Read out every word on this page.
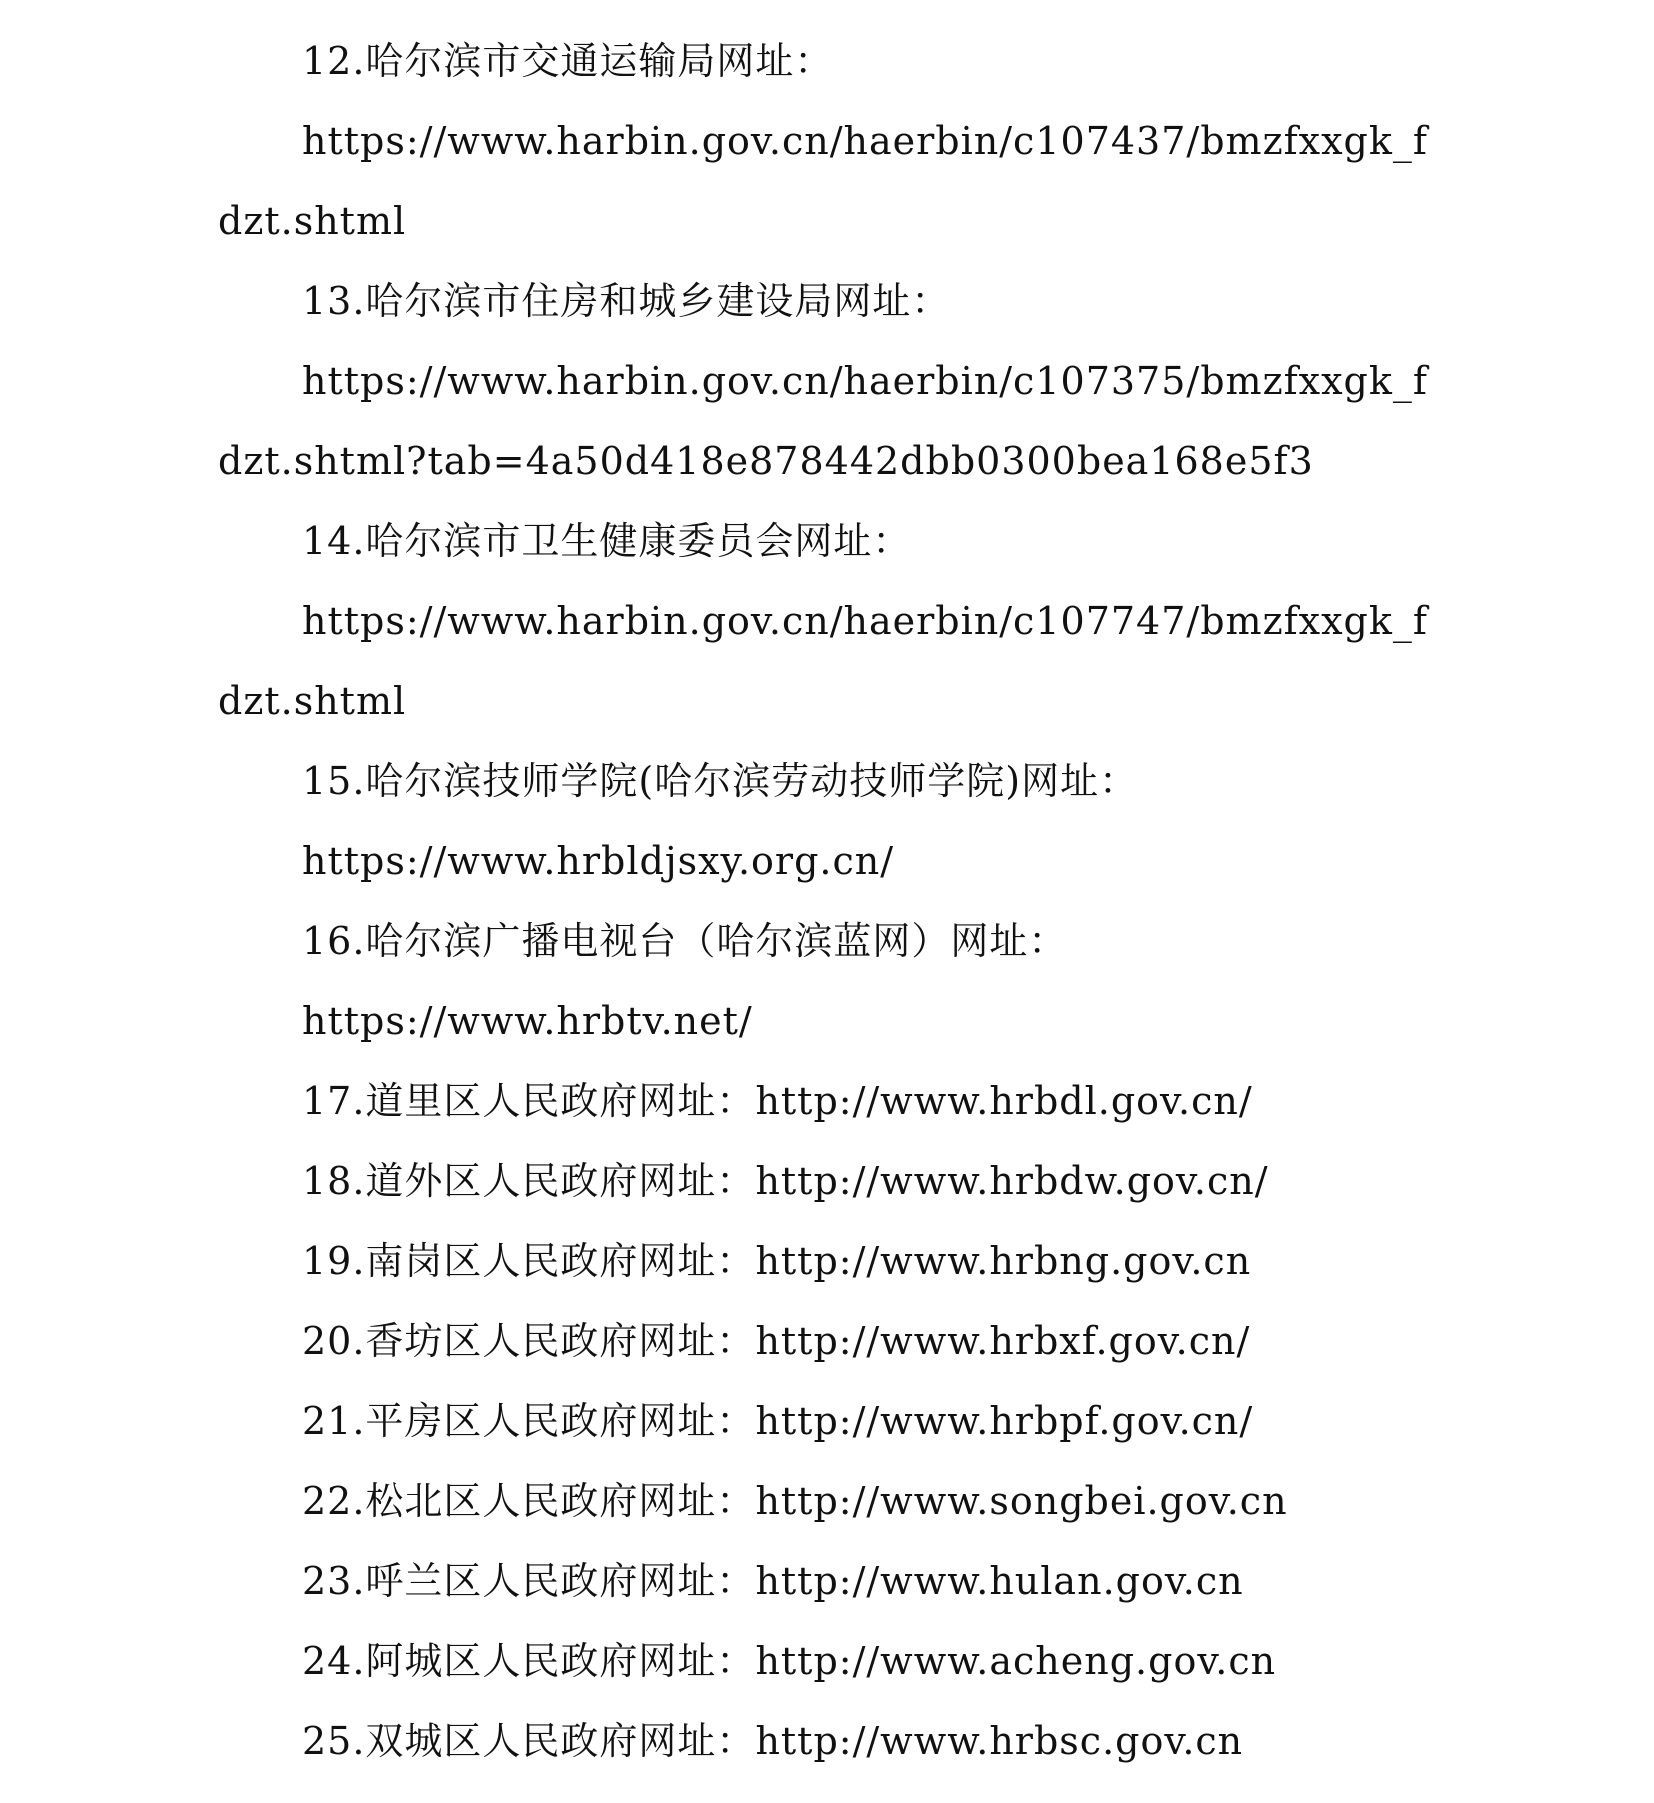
12.哈尔滨市交通运输局网址：
https://www.harbin.gov.cn/haerbin/c107437/bmzfxxgk_f
dzt.shtml
13.哈尔滨市住房和城乡建设局网址：
https://www.harbin.gov.cn/haerbin/c107375/bmzfxxgk_f
dzt.shtml?tab=4a50d418e878442dbb0300bea168e5f3
14.哈尔滨市卫生健康委员会网址：
https://www.harbin.gov.cn/haerbin/c107747/bmzfxxgk_f
dzt.shtml
15.哈尔滨技师学院(哈尔滨劳动技师学院)网址：
https://www.hrbldjsxy.org.cn/
16.哈尔滨广播电视台（哈尔滨蓝网）网址：
https://www.hrbtv.net/
17.道里区人民政府网址：http://www.hrbdl.gov.cn/
18.道外区人民政府网址：http://www.hrbdw.gov.cn/
19.南岗区人民政府网址：http://www.hrbng.gov.cn
20.香坊区人民政府网址：http://www.hrbxf.gov.cn/
21.平房区人民政府网址：http://www.hrbpf.gov.cn/
22.松北区人民政府网址：http://www.songbei.gov.cn
23.呼兰区人民政府网址：http://www.hulan.gov.cn
24.阿城区人民政府网址：http://www.acheng.gov.cn
25.双城区人民政府网址：http://www.hrbsc.gov.cn
